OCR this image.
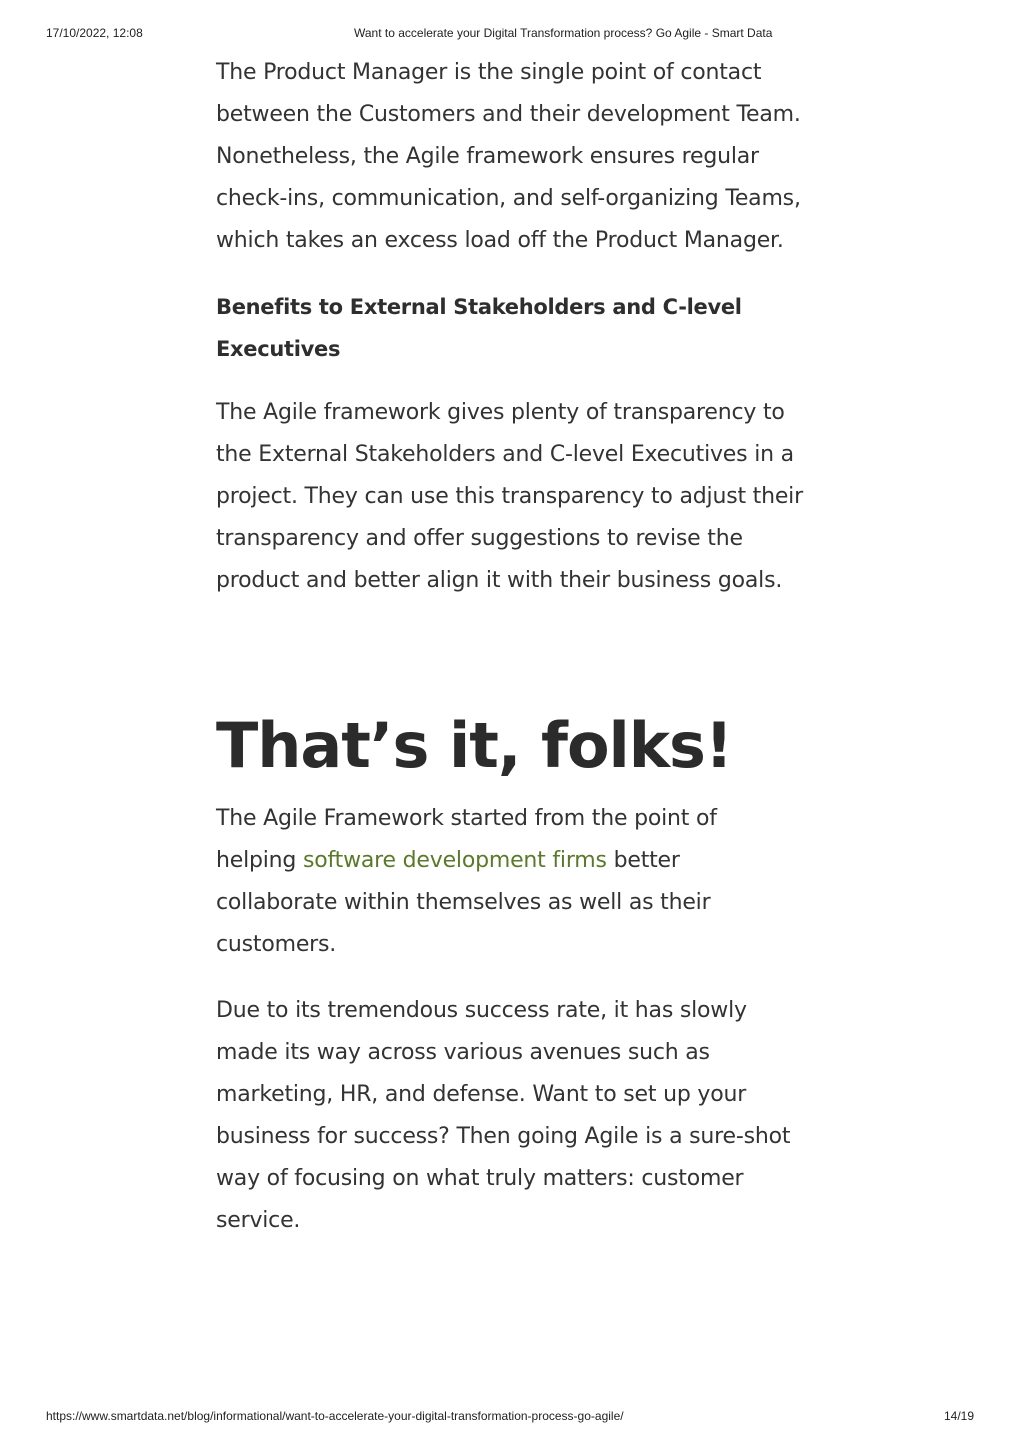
17/10/2022, 12:08	Want to accelerate your Digital Transformation process? Go Agile - Smart Data

The Product Manager is the single point of contact between the Customers and their development Team. Nonetheless, the Agile framework ensures regular check-ins, communication, and self-organizing Teams, which takes an excess load off the Product Manager.

Benefits to External Stakeholders and C-level Executives

The Agile framework gives plenty of transparency to the External Stakeholders and C-level Executives in a project. They can use this transparency to adjust their transparency and offer suggestions to revise the product and better align it with their business goals.

That’s it, folks!

The Agile Framework started from the point of helping software development firms better collaborate within themselves as well as their customers.

Due to its tremendous success rate, it has slowly made its way across various avenues such as marketing, HR, and defense. Want to set up your business for success? Then going Agile is a sure-shot way of focusing on what truly matters: customer service.

https://www.smartdata.net/blog/informational/want-to-accelerate-your-digital-transformation-process-go-agile/	14/19
